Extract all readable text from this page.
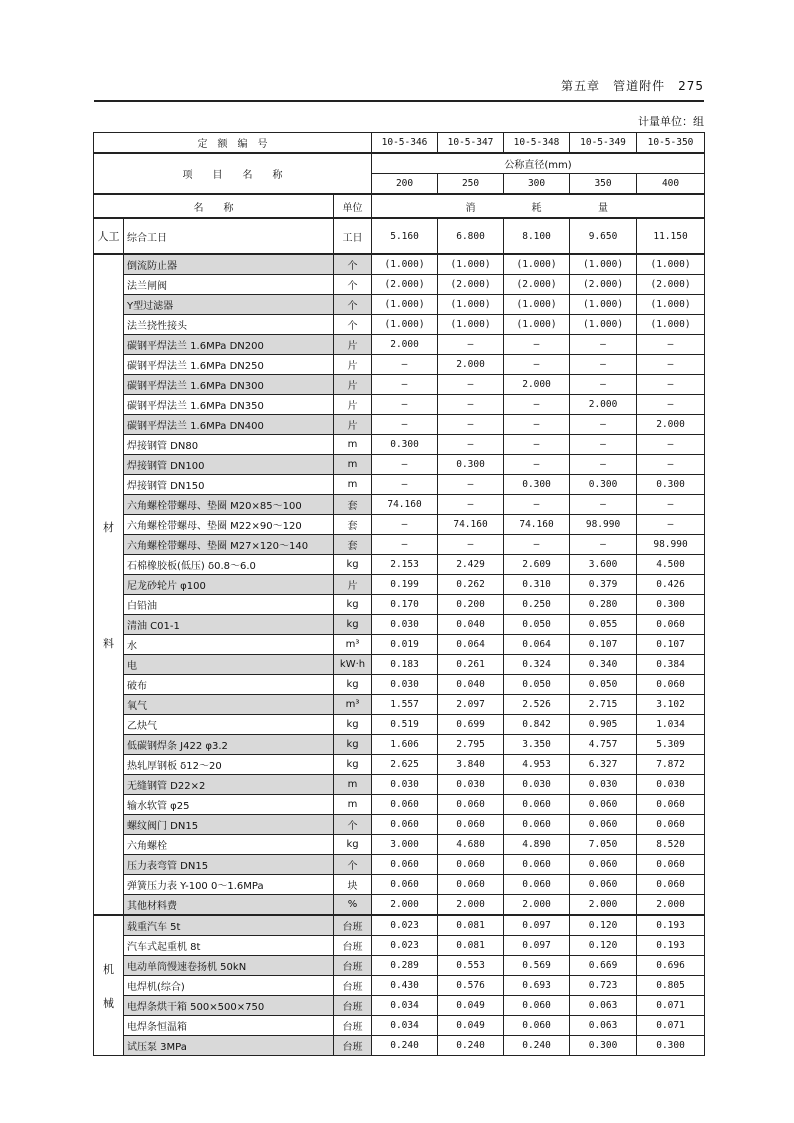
第五章　 管道附件　 275
计量单位：组
定　额　编　号			10-5-346	10-5-347	10-5-348	10-5-349	10-5-350
项　　目　　名　　称			公称直径(mm)				
			200	250	300	350	400
名　　称		单位		消	耗	量	
人工	综合工日	工日	5.160	6.800	8.100	9.650	11.150

材
料	倒流防止器	个	(1.000)	(1.000)	(1.000)	(1.000)	(1.000)
	法兰闸阀	个	(2.000)	(2.000)	(2.000)	(2.000)	(2.000)
	Y型过滤器	个	(1.000)	(1.000)	(1.000)	(1.000)	(1.000)
	法兰挠性接头	个	(1.000)	(1.000)	(1.000)	(1.000)	(1.000)
	碳钢平焊法兰 1.6MPa DN200	片	2.000	—	—	—	—
	碳钢平焊法兰 1.6MPa DN250	片	—	2.000	—	—	—
	碳钢平焊法兰 1.6MPa DN300	片	—	—	2.000	—	—
	碳钢平焊法兰 1.6MPa DN350	片	—	—	—	2.000	—
	碳钢平焊法兰 1.6MPa DN400	片	—	—	—	—	2.000
	焊接钢管 DN80	m	0.300	—	—	—	—
	焊接钢管 DN100	m	—	0.300	—	—	—
	焊接钢管 DN150	m	—	—	0.300	0.300	0.300
	六角螺栓带螺母、垫圈 M20×85～100	套	74.160	—	—	—	—
	六角螺栓带螺母、垫圈 M22×90～120	套	—	74.160	74.160	98.990	—
	六角螺栓带螺母、垫圈 M27×120～140	套	—	—	—	—	98.990
	石棉橡胶板(低压) δ0.8～6.0	kg	2.153	2.429	2.609	3.600	4.500
	尼龙砂轮片 φ100	片	0.199	0.262	0.310	0.379	0.426
	白铅油	kg	0.170	0.200	0.250	0.280	0.300
	清油 C01-1	kg	0.030	0.040	0.050	0.055	0.060
	水	m³	0.019	0.064	0.064	0.107	0.107
	电	kW·h	0.183	0.261	0.324	0.340	0.384
	破布	kg	0.030	0.040	0.050	0.050	0.060
	氧气	m³	1.557	2.097	2.526	2.715	3.102
	乙炔气	kg	0.519	0.699	0.842	0.905	1.034
	低碳钢焊条 J422 φ3.2	kg	1.606	2.795	3.350	4.757	5.309
	热轧厚钢板 δ12～20	kg	2.625	3.840	4.953	6.327	7.872
	无缝钢管 D22×2	m	0.030	0.030	0.030	0.030	0.030
	输水软管 φ25	m	0.060	0.060	0.060	0.060	0.060
	螺纹阀门 DN15	个	0.060	0.060	0.060	0.060	0.060
	六角螺栓	kg	3.000	4.680	4.890	7.050	8.520
	压力表弯管 DN15	个	0.060	0.060	0.060	0.060	0.060
	弹簧压力表 Y-100 0～1.6MPa	块	0.060	0.060	0.060	0.060	0.060
	其他材料费	%	2.000	2.000	2.000	2.000	2.000

机
械	载重汽车 5t	台班	0.023	0.081	0.097	0.120	0.193
	汽车式起重机 8t	台班	0.023	0.081	0.097	0.120	0.193
	电动单筒慢速卷扬机 50kN	台班	0.289	0.553	0.569	0.669	0.696
	电焊机(综合)	台班	0.430	0.576	0.693	0.723	0.805
	电焊条烘干箱 500×500×750	台班	0.034	0.049	0.060	0.063	0.071
	电焊条恒温箱	台班	0.034	0.049	0.060	0.063	0.071
	试压泵 3MPa	台班	0.240	0.240	0.240	0.300	0.300
